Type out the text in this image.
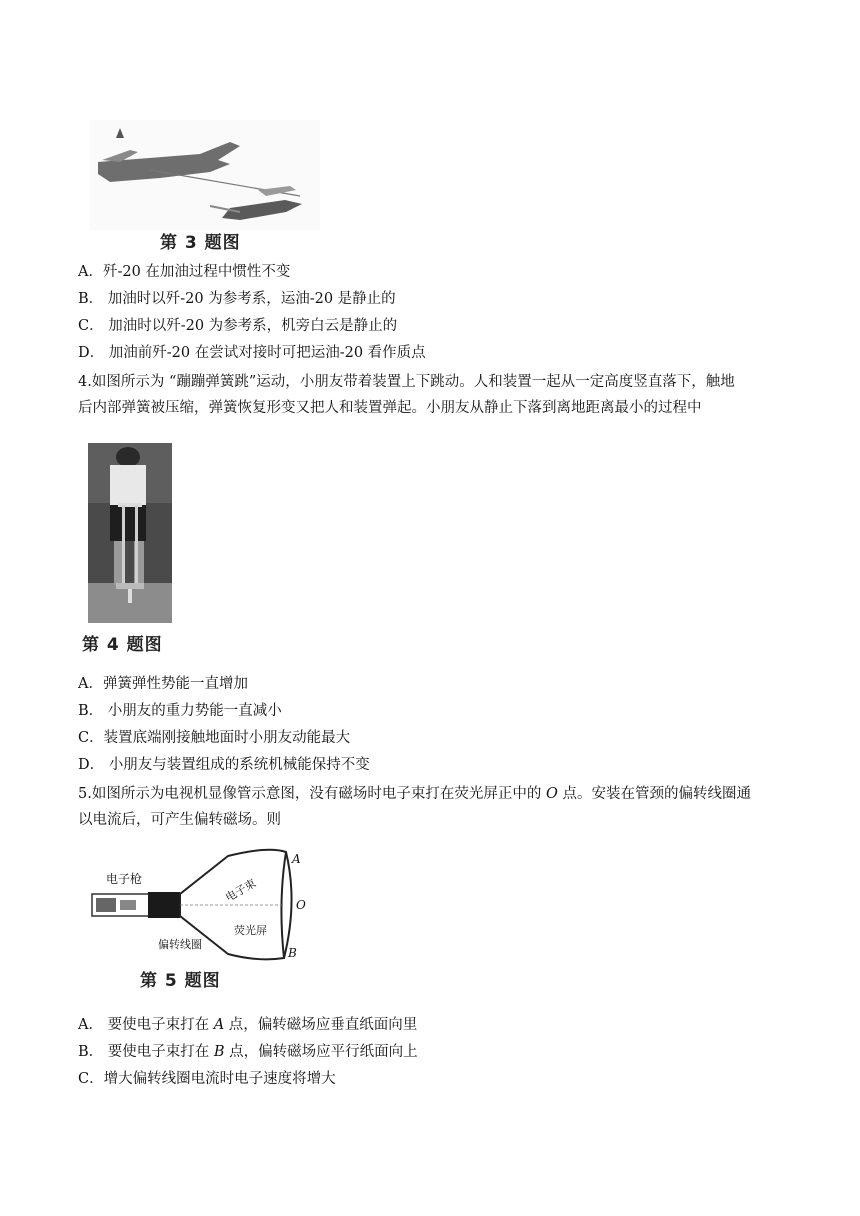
第 3 题图
A．歼-20 在加油过程中惯性不变
B． 加油时以歼-20 为参考系，运油-20 是静止的
C． 加油时以歼-20 为参考系，机旁白云是静止的
D． 加油前歼-20 在尝试对接时可把运油-20 看作质点
4.如图所示为 “蹦蹦弹簧跳”运动，小朋友带着装置上下跳动。人和装置一起从一定高度竖直落下，触地
后内部弹簧被压缩，弹簧恢复形变又把人和装置弹起。小朋友从静止下落到离地距离最小的过程中
第 4 题图
A．弹簧弹性势能一直增加
B． 小朋友的重力势能一直减小
C．装置底端刚接触地面时小朋友动能最大
D． 小朋友与装置组成的系统机械能保持不变
5.如图所示为电视机显像管示意图，没有磁场时电子束打在荧光屏正中的 O 点。安装在管颈的偏转线圈通
以电流后，可产生偏转磁场。则
电子枪
偏转线圈
电子束
荧光屏
A
O
B
第 5 题图
A． 要使电子束打在 A 点，偏转磁场应垂直纸面向里
B． 要使电子束打在 B 点，偏转磁场应平行纸面向上
C．增大偏转线圈电流时电子速度将增大
